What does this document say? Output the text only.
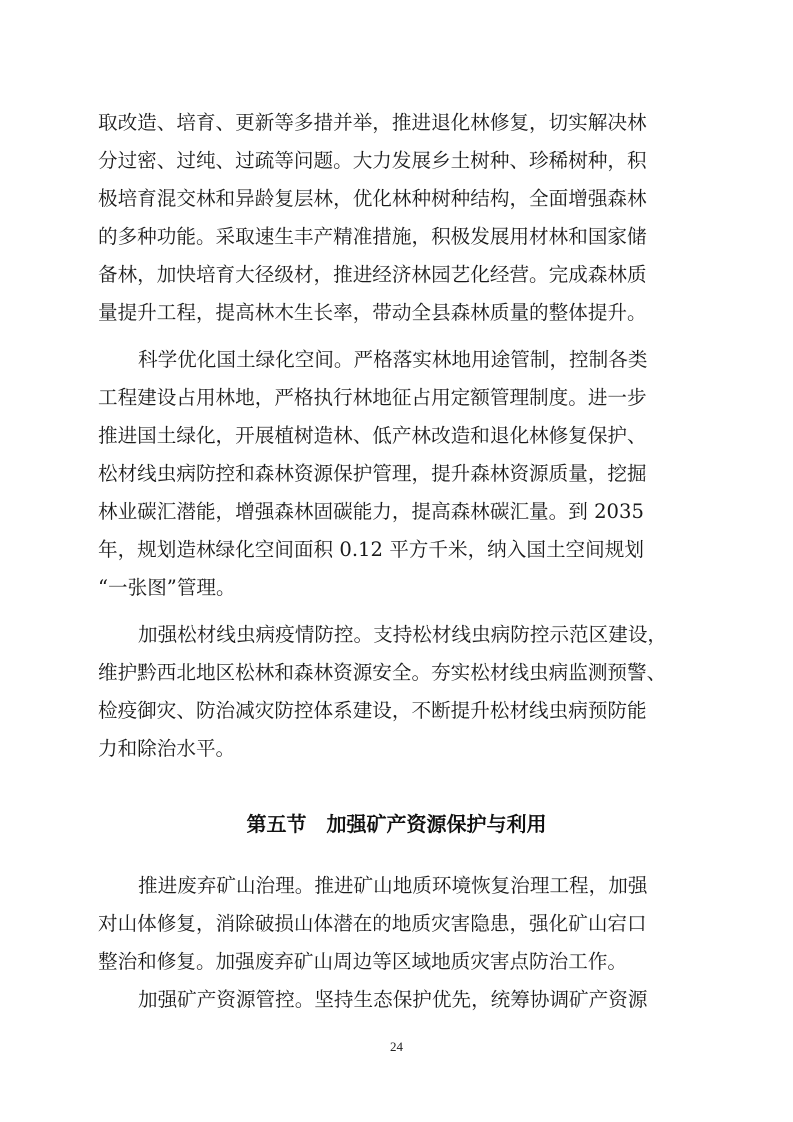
取改造、培育、更新等多措并举，推进退化林修复，切实解决林
分过密、过纯、过疏等问题。大力发展乡土树种、珍稀树种，积
极培育混交林和异龄复层林，优化林种树种结构，全面增强森林
的多种功能。采取速生丰产精准措施，积极发展用材林和国家储
备林，加快培育大径级材，推进经济林园艺化经营。完成森林质
量提升工程，提高林木生长率，带动全县森林质量的整体提升。
科学优化国土绿化空间。严格落实林地用途管制，控制各类
工程建设占用林地，严格执行林地征占用定额管理制度。进一步
推进国土绿化，开展植树造林、低产林改造和退化林修复保护、
松材线虫病防控和森林资源保护管理，提升森林资源质量，挖掘
林业碳汇潜能，增强森林固碳能力，提高森林碳汇量。到 2035
年，规划造林绿化空间面积 0.12 平方千米，纳入国土空间规划
“一张图”管理。
加强松材线虫病疫情防控。支持松材线虫病防控示范区建设，
维护黔西北地区松林和森林资源安全。夯实松材线虫病监测预警、
检疫御灾、防治减灾防控体系建设，不断提升松材线虫病预防能
力和除治水平。
第五节　加强矿产资源保护与利用
推进废弃矿山治理。推进矿山地质环境恢复治理工程，加强
对山体修复，消除破损山体潜在的地质灾害隐患，强化矿山宕口
整治和修复。加强废弃矿山周边等区域地质灾害点防治工作。
加强矿产资源管控。坚持生态保护优先，统筹协调矿产资源
24
